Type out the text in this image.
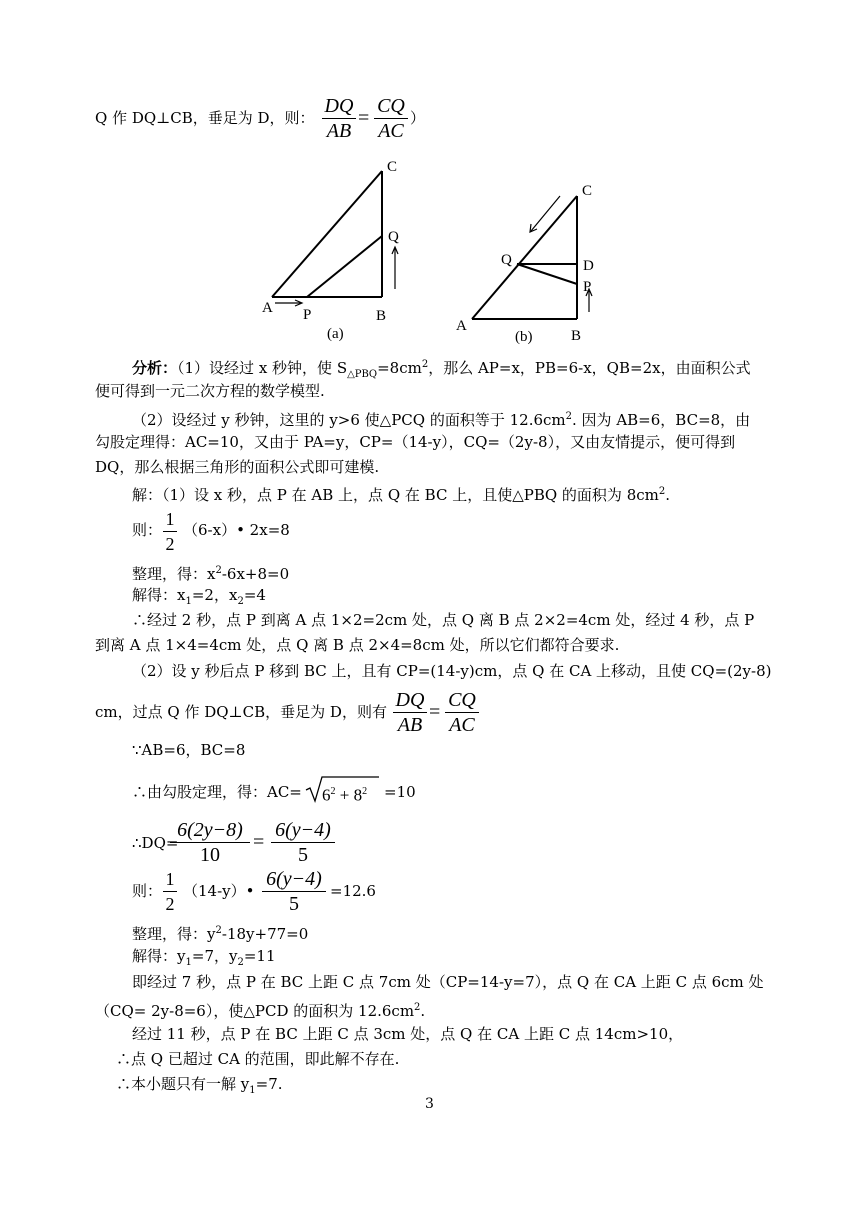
Q 作 DQ⊥CB，垂足为 D，则：
DQ
AB
=
CQ
AC
）
C
Q
A P	B
(a)
C
Q	D
P
A
B
(b)
分析：（1）设经过 x 秒钟，使 $S_{\triangle PBQ}=8cm^2$，那么 AP=x，PB=6-x，QB=2x，由面积公式
便可得到一元二次方程的数学模型.
（2）设经过 y 秒钟，这里的 y>6 使△PCQ 的面积等于 $12.6cm^2$. 因为 AB=6，BC=8，由
勾股定理得：AC=10，又由于 PA=y，CP=（14-y），CQ=（2y-8），又由友情提示，便可得到
DQ，那么根据三角形的面积公式即可建模.
解：（1）设 x 秒，点 P 在 AB 上，点 Q 在 BC 上，且使△PBQ 的面积为 $8cm^2$.
则：
1
2
（6-x）• 2x=8
整理，得：$x^2-6x+8=0$
解得：$x_1=2$，$x_2=4$
∴经过 2 秒，点 P 到离 A 点 1×2=2cm 处，点 Q 离 B 点 2×2=4cm 处，经过 4 秒，点 P
到离 A 点 1×4=4cm 处，点 Q 离 B 点 2×4=8cm 处，所以它们都符合要求.
（2）设 y 秒后点 P 移到 BC 上，且有 CP=(14-y)cm，点 Q 在 CA 上移动，且使 CQ=(2y-8)
cm，过点 Q 作 DQ⊥CB，垂足为 D，则有
DQ
AB
=
CQ
AC
∵AB=6，BC=8
∴由勾股定理，得：$AC= 6^2 + 8^2 =10$
∴DQ=
6(2y−8)
10
=
6(y−4)
5
则：
1
2
（14-y）•
6(y−4)
5
=12.6
整理，得：$y^2-18y+77=0$
解得：$y_1=7$，$y_2=11$
即经过 7 秒，点 P 在 BC 上距 C 点 7cm 处（CP=14-y=7），点 Q 在 CA 上距 C 点 6cm 处
（CQ= 2y-8=6），使△PCD 的面积为 $12.6cm^2$.
经过 11 秒，点 P 在 BC 上距 C 点 3cm 处，点 Q 在 CA 上距 C 点 14cm>10，
∴点 Q 已超过 CA 的范围，即此解不存在.
∴本小题只有一解 $y_1=7$.
3
